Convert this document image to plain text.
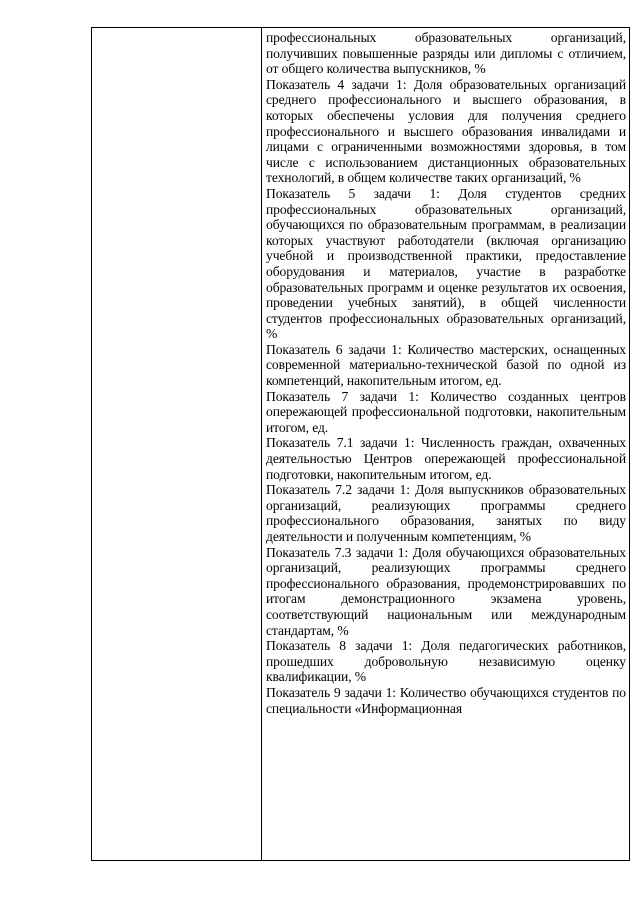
профессиональных образовательных организаций, получивших повышенные разряды или дипломы с отличием, от общего количества выпускников, %

Показатель 4 задачи 1: Доля образовательных организаций среднего профессионального и высшего образования, в которых обеспечены условия для получения среднего профессионального и высшего образования инвалидами и лицами с ограниченными возможностями здоровья, в том числе с использованием дистанционных образовательных технологий, в общем количестве таких организаций, %

Показатель 5 задачи 1: Доля студентов средних профессиональных образовательных организаций, обучающихся по образовательным программам, в реализации которых участвуют работодатели (включая организацию учебной и производственной практики, предоставление оборудования и материалов, участие в разработке образовательных программ и оценке результатов их освоения, проведении учебных занятий), в общей численности студентов профессиональных образовательных организаций, %

Показатель 6 задачи 1: Количество мастерских, оснащенных современной материально-технической базой по одной из компетенций, накопительным итогом, ед.

Показатель 7 задачи 1: Количество созданных центров опережающей профессиональной подготовки, накопительным итогом, ед.

Показатель 7.1 задачи 1: Численность граждан, охваченных деятельностью Центров опережающей профессиональной подготовки, накопительным итогом, ед.

Показатель 7.2 задачи 1: Доля выпускников образовательных организаций, реализующих программы среднего профессионального образования, занятых по виду деятельности и полученным компетенциям, %

Показатель 7.3 задачи 1: Доля обучающихся образовательных организаций, реализующих программы среднего профессионального образования, продемонстрировавших по итогам демонстрационного экзамена уровень, соответствующий национальным или международным стандартам, %

Показатель 8 задачи 1: Доля педагогических работников, прошедших добровольную независимую оценку квалификации, %

Показатель 9 задачи 1: Количество обучающихся студентов по специальности «Информационная
